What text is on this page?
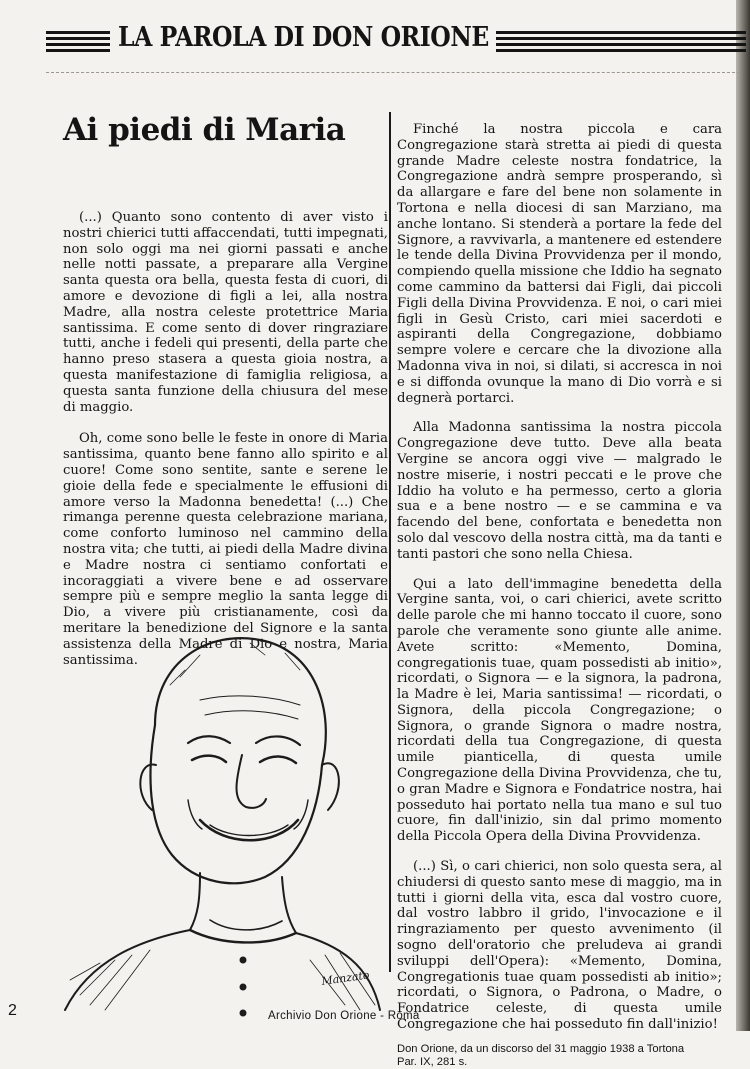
LA PAROLA DI DON ORIONE
Ai piedi di Maria

(...) Quanto sono contento di aver visto i nostri chierici tutti affaccendati, tutti impegnati, non solo oggi ma nei giorni passati e anche nelle notti passate, a preparare alla Vergine santa questa ora bella, questa festa di cuori, di amore e devozione di figli a lei, alla nostra Madre, alla nostra celeste protettrice Maria santissima. E come sento di dover ringraziare tutti, anche i fedeli qui presenti, della parte che hanno preso stasera a questa gioia nostra, a questa manifestazione di famiglia religiosa, a questa santa funzione della chiusura del mese di maggio.

Oh, come sono belle le feste in onore di Maria santissima, quanto bene fanno allo spirito e al cuore! Come sono sentite, sante e serene le gioie della fede e specialmente le effusioni di amore verso la Madonna benedetta! (...) Che rimanga perenne questa celebrazione mariana, come conforto luminoso nel cammino della nostra vita; che tutti, ai piedi della Madre divina e Madre nostra ci sentiamo confortati e incoraggiati a vivere bene e ad osservare sempre più e sempre meglio la santa legge di Dio, a vivere più cristianamente, così da meritare la benedizione del Signore e la santa assistenza della Madre di Dio e nostra, Maria santissima.

Finché la nostra piccola e cara Congregazione starà stretta ai piedi di questa grande Madre celeste nostra fondatrice, la Congregazione andrà sempre prosperando, sì da allargare e fare del bene non solamente in Tortona e nella diocesi di san Marziano, ma anche lontano. Si stenderà a portare la fede del Signore, a ravvivarla, a mantenere ed estendere le tende della Divina Provvidenza per il mondo, compiendo quella missione che Iddio ha segnato come cammino da battersi dai Figli, dai piccoli Figli della Divina Provvidenza. E noi, o cari miei figli in Gesù Cristo, cari miei sacerdoti e aspiranti della Congregazione, dobbiamo sempre volere e cercare che la divozione alla Madonna viva in noi, si dilati, si accresca in noi e si diffonda ovunque la mano di Dio vorrà e si degnerà portarci.

Alla Madonna santissima la nostra piccola Congregazione deve tutto. Deve alla beata Vergine se ancora oggi vive — malgrado le nostre miserie, i nostri peccati e le prove che Iddio ha voluto e ha permesso, certo a gloria sua e a bene nostro — e se cammina e va facendo del bene, confortata e benedetta non solo dal vescovo della nostra città, ma da tanti e tanti pastori che sono nella Chiesa.

Qui a lato dell'immagine benedetta della Vergine santa, voi, o cari chierici, avete scritto delle parole che mi hanno toccato il cuore, sono parole che veramente sono giunte alle anime. Avete scritto: «Memento, Domina, congregationis tuae, quam possedisti ab initio», ricordati, o Signora — e la signora, la padrona, la Madre è lei, Maria santissima! — ricordati, o Signora, della piccola Congregazione; o Signora, o grande Signora o madre nostra, ricordati della tua Congregazione, di questa umile pianticella, di questa umile Congregazione della Divina Provvidenza, che tu, o gran Madre e Signora e Fondatrice nostra, hai posseduto hai portato nella tua mano e sul tuo cuore, fin dall'inizio, sin dal primo momento della Piccola Opera della Divina Provvidenza.

(...) Sì, o cari chierici, non solo questa sera, al chiudersi di questo santo mese di maggio, ma in tutti i giorni della vita, esca dal vostro cuore, dal vostro labbro il grido, l'invocazione e il ringraziamento per questo avvenimento (il sogno dell'oratorio che preludeva ai grandi sviluppi dell'Opera): «Memento, Domina, Congregationis tuae quam possedisti ab initio»; ricordati, o Signora, o Padrona, o Madre, o Fondatrice celeste, di questa umile Congregazione che hai posseduto fin dall'inizio!

Don Orione, da un discorso del 31 maggio 1938 a Tortona
Par. IX, 281 s.
Manzato
2	Archivio Don Orione - Roma
